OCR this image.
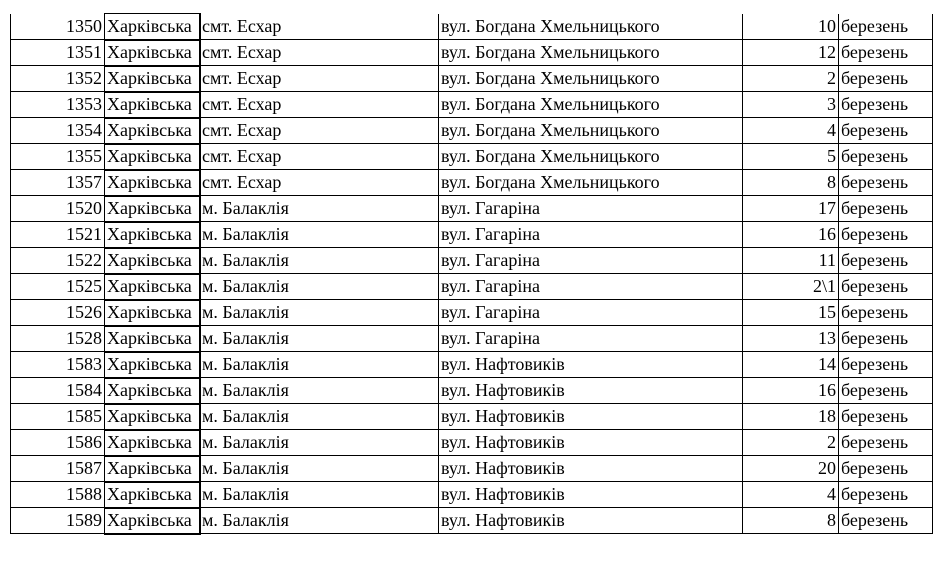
1350	Харківська	смт. Есхар	вул. Богдана Хмельницького	10	березень
1351	Харківська	смт. Есхар	вул. Богдана Хмельницького	12	березень
1352	Харківська	смт. Есхар	вул. Богдана Хмельницького	2	березень
1353	Харківська	смт. Есхар	вул. Богдана Хмельницького	3	березень
1354	Харківська	смт. Есхар	вул. Богдана Хмельницького	4	березень
1355	Харківська	смт. Есхар	вул. Богдана Хмельницького	5	березень
1357	Харківська	смт. Есхар	вул. Богдана Хмельницького	8	березень
1520	Харківська	м. Балаклія	вул. Гагаріна	17	березень
1521	Харківська	м. Балаклія	вул. Гагаріна	16	березень
1522	Харківська	м. Балаклія	вул. Гагаріна	11	березень
1525	Харківська	м. Балаклія	вул. Гагаріна	2\1	березень
1526	Харківська	м. Балаклія	вул. Гагаріна	15	березень
1528	Харківська	м. Балаклія	вул. Гагаріна	13	березень
1583	Харківська	м. Балаклія	вул. Нафтовиків	14	березень
1584	Харківська	м. Балаклія	вул. Нафтовиків	16	березень
1585	Харківська	м. Балаклія	вул. Нафтовиків	18	березень
1586	Харківська	м. Балаклія	вул. Нафтовиків	2	березень
1587	Харківська	м. Балаклія	вул. Нафтовиків	20	березень
1588	Харківська	м. Балаклія	вул. Нафтовиків	4	березень
1589	Харківська	м. Балаклія	вул. Нафтовиків	8	березень
